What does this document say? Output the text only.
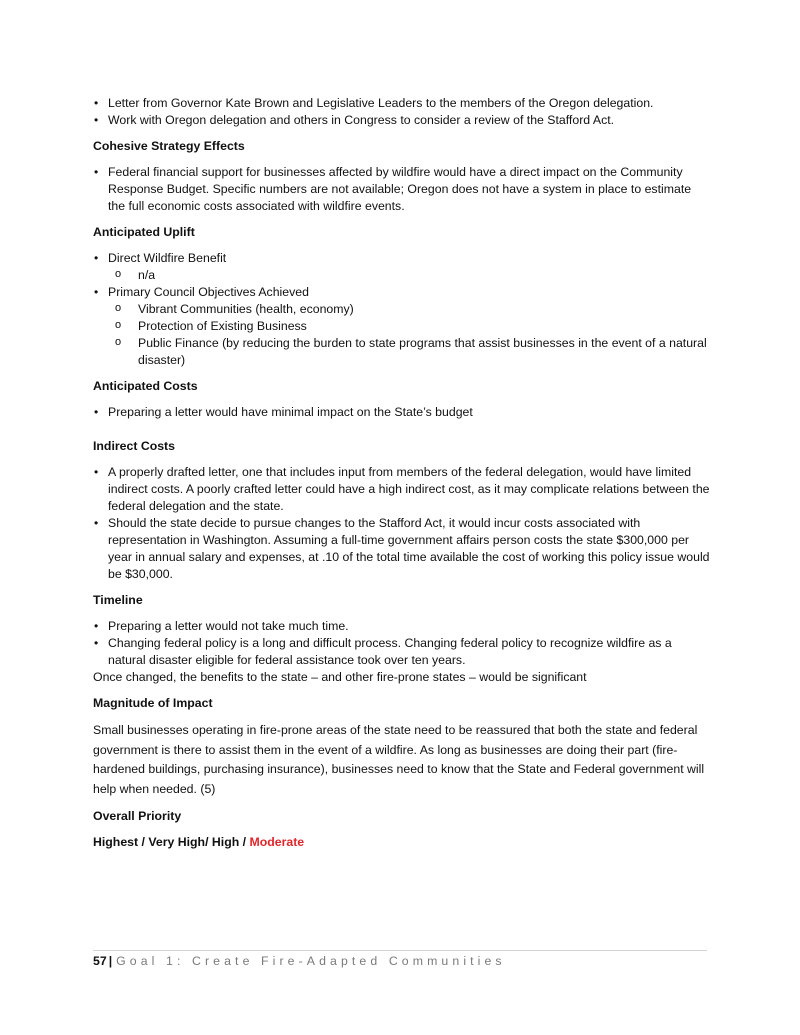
• Letter from Governor Kate Brown and Legislative Leaders to the members of the Oregon delegation.
• Work with Oregon delegation and others in Congress to consider a review of the Stafford Act.
Cohesive Strategy Effects
• Federal financial support for businesses affected by wildfire would have a direct impact on the Community Response Budget. Specific numbers are not available; Oregon does not have a system in place to estimate the full economic costs associated with wildfire events.
Anticipated Uplift
• Direct Wildfire Benefit
o n/a
• Primary Council Objectives Achieved
o Vibrant Communities (health, economy)
o Protection of Existing Business
o Public Finance (by reducing the burden to state programs that assist businesses in the event of a natural disaster)
Anticipated Costs
• Preparing a letter would have minimal impact on the State’s budget
Indirect Costs
• A properly drafted letter, one that includes input from members of the federal delegation, would have limited indirect costs. A poorly crafted letter could have a high indirect cost, as it may complicate relations between the federal delegation and the state.
• Should the state decide to pursue changes to the Stafford Act, it would incur costs associated with representation in Washington. Assuming a full-time government affairs person costs the state $300,000 per year in annual salary and expenses, at .10 of the total time available the cost of working this policy issue would be $30,000.
Timeline
• Preparing a letter would not take much time.
• Changing federal policy is a long and difficult process. Changing federal policy to recognize wildfire as a natural disaster eligible for federal assistance took over ten years.

Once changed, the benefits to the state – and other fire-prone states – would be significant

Magnitude of Impact

Small businesses operating in fire-prone areas of the state need to be reassured that both the state and federal government is there to assist them in the event of a wildfire. As long as businesses are doing their part (fire-hardened buildings, purchasing insurance), businesses need to know that the State and Federal government will help when needed. (5)

Overall Priority
Highest / Very High/ High / Moderate
57 | Goal 1: Create Fire-Adapted Communities
